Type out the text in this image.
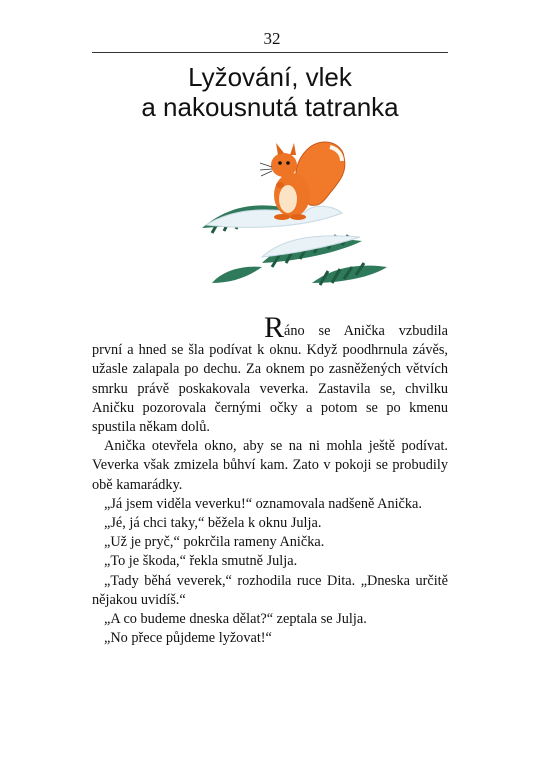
32
Lyžování, vlek
a nakousnutá tatranka

Ráno se Anička vzbudila první a hned se šla podívat k oknu. Když poodhrnula závěs, užasle zalapala po dechu. Za oknem po zasněžených větvích smrku právě poskakovala veverka. Zastavila se, chvilku Aničku pozorovala černými očky a potom se po kmenu spustila někam dolů.

Anička otevřela okno, aby se na ni mohla ještě podívat. Veverka však zmizela bůhví kam. Zato v pokoji se probudily obě kamarádky.

„Já jsem viděla veverku!“ oznamovala nadšeně Anička.

„Jé, já chci taky,“ běžela k oknu Julja.

„Už je pryč,“ pokrčila rameny Anička.

„To je škoda,“ řekla smutně Julja.

„Tady běhá veverek,“ rozhodila ruce Dita. „Dneska určitě nějakou uvidíš.“

„A co budeme dneska dělat?“ zeptala se Julja.

„No přece půjdeme lyžovat!“
